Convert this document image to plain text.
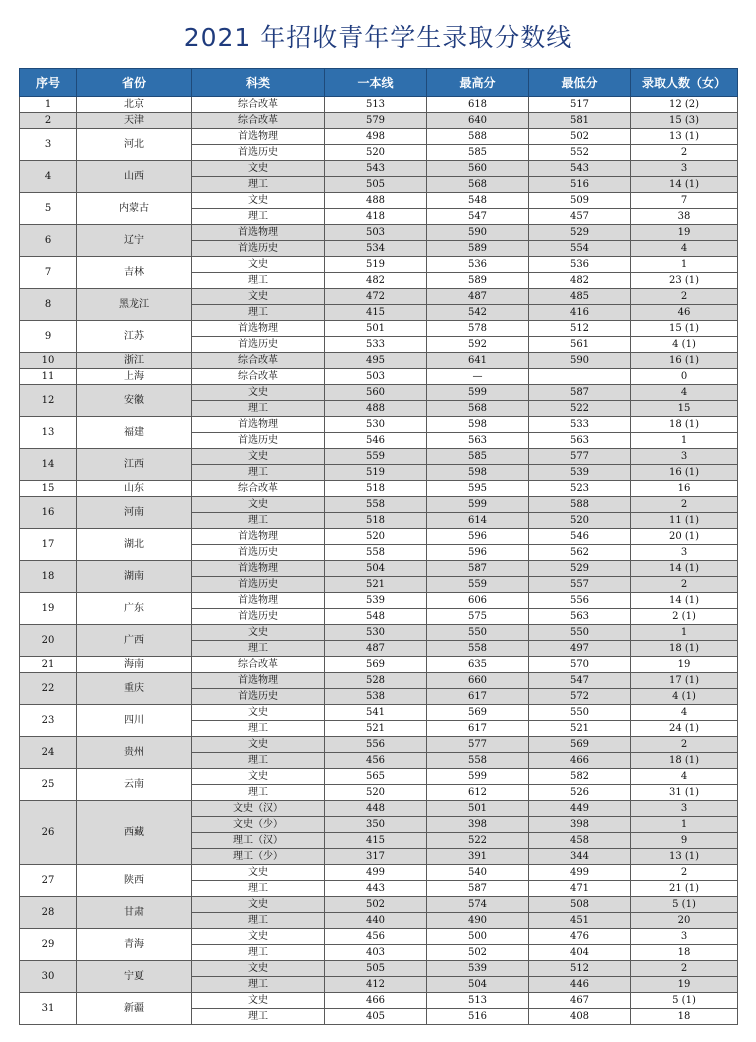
2021 年招收青年学生录取分数线
序号	省份	科类	一本线	最高分	最低分	录取人数（女）
1	北京	综合改革	513	618	517	12 (2)
2	天津	综合改革	579	640	581	15 (3)
3	河北	首选物理	498	588	502	13 (1)
		首选历史	520	585	552	2
4	山西	文史	543	560	543	3
		理工	505	568	516	14 (1)
5	内蒙古	文史	488	548	509	7
		理工	418	547	457	38
6	辽宁	首选物理	503	590	529	19
		首选历史	534	589	554	4
7	吉林	文史	519	536	536	1
		理工	482	589	482	23 (1)
8	黑龙江	文史	472	487	485	2
		理工	415	542	416	46
9	江苏	首选物理	501	578	512	15 (1)
		首选历史	533	592	561	4 (1)
10	浙江	综合改革	495	641	590	16 (1)
11	上海	综合改革	503	—		0
12	安徽	文史	560	599	587	4
		理工	488	568	522	15
13	福建	首选物理	530	598	533	18 (1)
		首选历史	546	563	563	1
14	江西	文史	559	585	577	3
		理工	519	598	539	16 (1)
15	山东	综合改革	518	595	523	16
16	河南	文史	558	599	588	2
		理工	518	614	520	11 (1)
17	湖北	首选物理	520	596	546	20 (1)
		首选历史	558	596	562	3
18	湖南	首选物理	504	587	529	14 (1)
		首选历史	521	559	557	2
19	广东	首选物理	539	606	556	14 (1)
		首选历史	548	575	563	2 (1)
20	广西	文史	530	550	550	1
		理工	487	558	497	18 (1)
21	海南	综合改革	569	635	570	19
22	重庆	首选物理	528	660	547	17 (1)
		首选历史	538	617	572	4 (1)
23	四川	文史	541	569	550	4
		理工	521	617	521	24 (1)
24	贵州	文史	556	577	569	2
		理工	456	558	466	18 (1)
25	云南	文史	565	599	582	4
		理工	520	612	526	31 (1)
26	西藏	文史（汉）	448	501	449	3
		文史（少）	350	398	398	1
		理工（汉）	415	522	458	9
		理工（少）	317	391	344	13 (1)
27	陕西	文史	499	540	499	2
		理工	443	587	471	21 (1)
28	甘肃	文史	502	574	508	5 (1)
		理工	440	490	451	20
29	青海	文史	456	500	476	3
		理工	403	502	404	18
30	宁夏	文史	505	539	512	2
		理工	412	504	446	19
31	新疆	文史	466	513	467	5 (1)
		理工	405	516	408	18
